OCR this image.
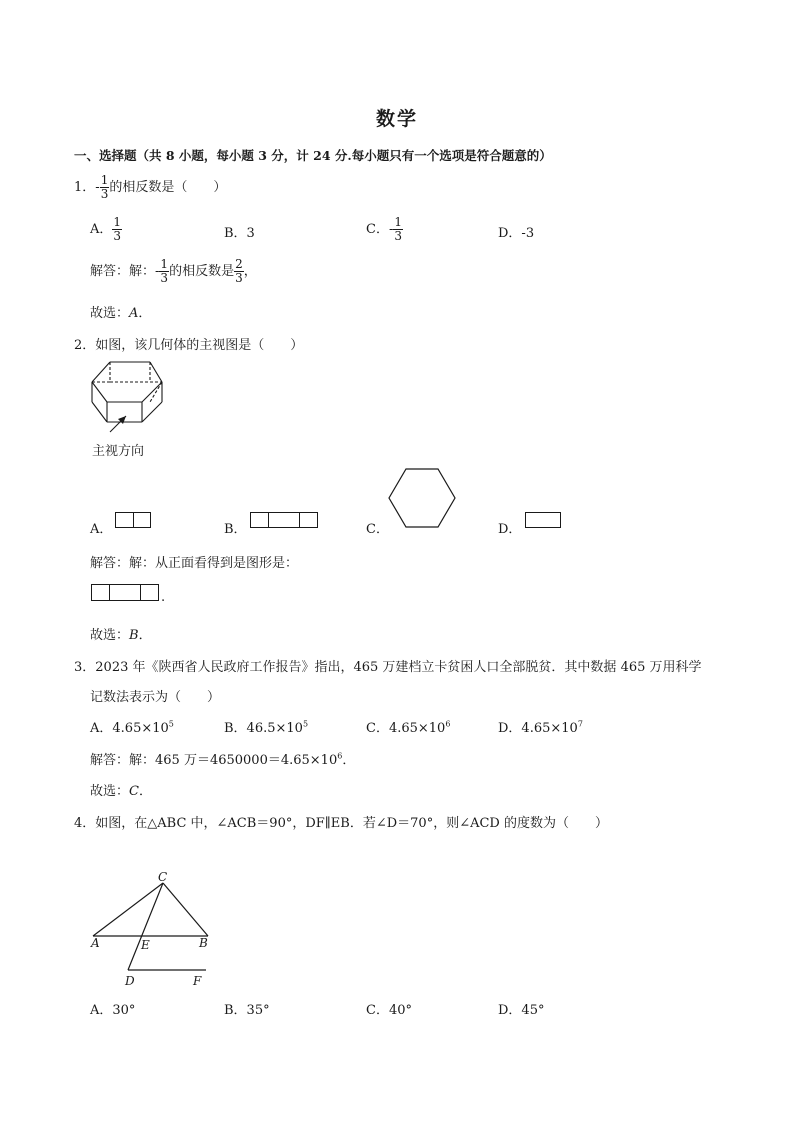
数学
一、选择题（共 8 小题，每小题 3 分，计 24 分.每小题只有一个选项是符合题意的）
1．- $\frac{1}{3}$ 的相反数是（　　）
A． $\frac{1}{3}$	B．3	C．- $\frac{1}{3}$	D．-3
解答：解：- $\frac{1}{3}$ 的相反数是 $\frac{2}{3}$ ，
故选：A．
2．如图，该几何体的主视图是（　　）
主视方向
A．	B．	C．	D．
解答：解：从正面看得到是图形是：
.
故选：B．
3．2023 年《陕西省人民政府工作报告》指出，465 万建档立卡贫困人口全部脱贫．其中数据 465 万用科学
记数法表示为（　　）
A．$4.65\times 10^5$	B．$46.5\times 10^5$	C．$4.65\times 10^6$	D．$4.65\times 10^7$
解答：解：465 万$=4650000=4.65\times 10^6$．
故选：C．
4．如图，在△ABC 中，∠ACB＝90°，DF∥EB．若∠D＝70°，则∠ACD 的度数为（　　）
C
A	E	B
D	F
A．30°	B．35°	C．40°	D．45°
